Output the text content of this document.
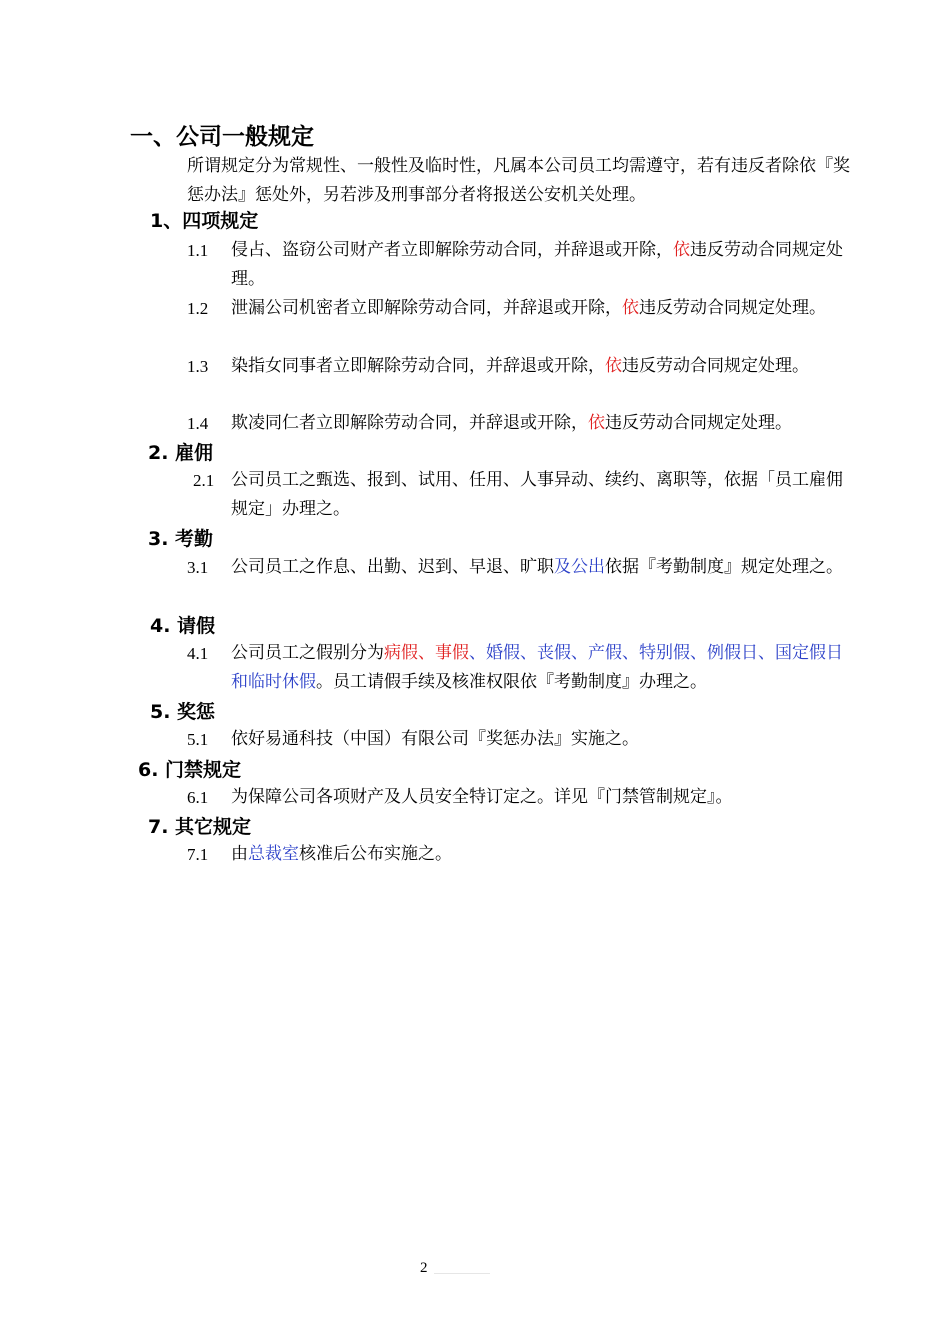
一、公司一般规定
所谓规定分为常规性、一般性及临时性，凡属本公司员工均需遵守，若有违反者除依『奖惩办法』惩处外，另若涉及刑事部分者将报送公安机关处理。
1、四项规定
1.1 侵占、盗窃公司财产者立即解除劳动合同，并辞退或开除，依违反劳动合同规定处理。
1.2 泄漏公司机密者立即解除劳动合同，并辞退或开除，依违反劳动合同规定处理。
1.3 染指女同事者立即解除劳动合同，并辞退或开除，依违反劳动合同规定处理。
1.4 欺凌同仁者立即解除劳动合同，并辞退或开除，依违反劳动合同规定处理。
2. 雇佣
2.1 公司员工之甄选、报到、试用、任用、人事异动、续约、离职等，依据「员工雇佣规定」办理之。
3. 考勤
3.1 公司员工之作息、出勤、迟到、早退、旷职及公出依据『考勤制度』规定处理之。
4. 请假
4.1 公司员工之假别分为病假、事假、婚假、丧假、产假、特别假、例假日、国定假日和临时休假。员工请假手续及核准权限依『考勤制度』办理之。
5. 奖惩
5.1 依好易通科技（中国）有限公司『奖惩办法』实施之。
6. 门禁规定
6.1 为保障公司各项财产及人员安全特订定之。详见『门禁管制规定』。
7. 其它规定
7.1 由总裁室核准后公布实施之。
2
